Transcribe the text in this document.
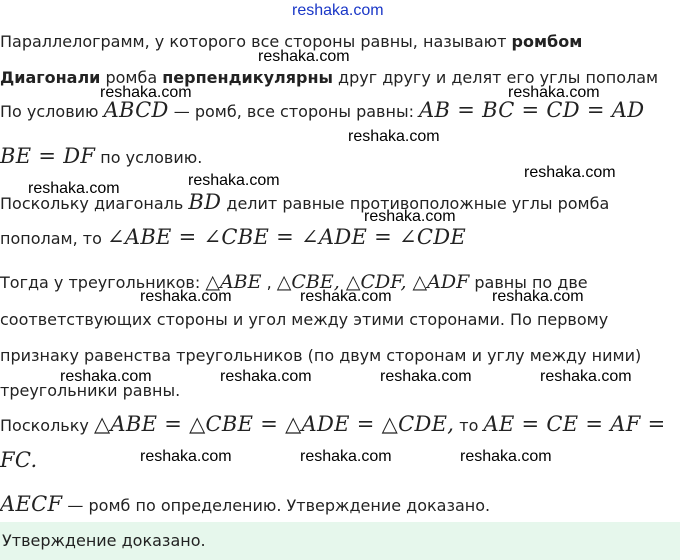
reshaka.com
Параллелограмм, у которого все стороны равны, называют ромбом
Диагонали ромба перпендикулярны друг другу и делят его углы пополам
По условию ABCD — ромб, все стороны равны: AB = BC = CD = AD
BE = DF по условию.
Поскольку диагональ BD делит равные противоположные углы ромба
пополам, то ∠ABE = ∠CBE = ∠ADE = ∠CDE
Тогда у треугольников: △ABE , △CBE, △CDF, △ADF равны по две
соответствующих стороны и угол между этими сторонами. По первому
признаку равенства треугольников (по двум сторонам и углу между ними)
треугольники равны.
Поскольку △ABE = △CBE = △ADE = △CDE, то AE = CE = AF =
FC.
AECF — ромб по определению. Утверждение доказано.
reshaka.com
reshaka.com	reshaka.com
reshaka.com
reshaka.com
reshaka.com
reshaka.com
reshaka.com
reshaka.com	reshaka.com	reshaka.com
reshaka.com	reshaka.com	reshaka.com	reshaka.com
reshaka.com	reshaka.com	reshaka.com
Утверждение доказано.
